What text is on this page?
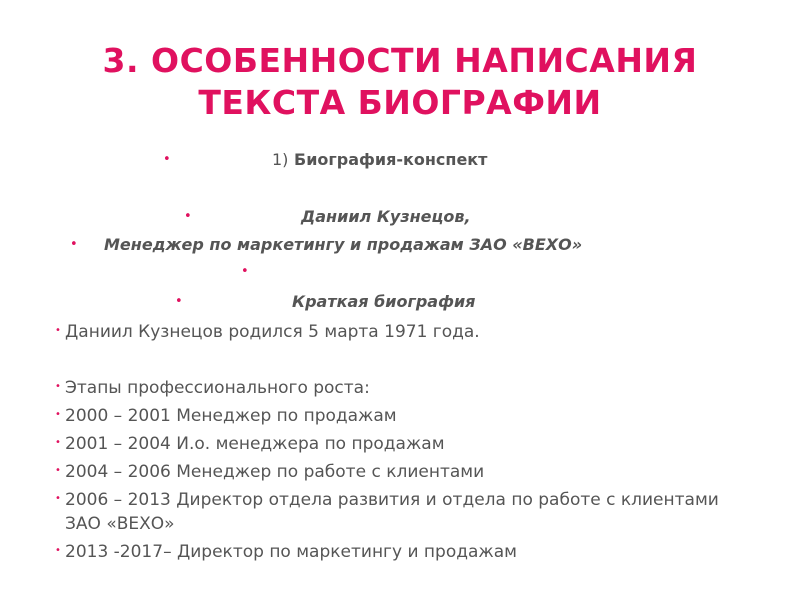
3. ОСОБЕННОСТИ НАПИСАНИЯ
ТЕКСТА БИОГРАФИИ
•	1) Биография-конспект
•	Даниил Кузнецов,
• Менеджер по маркетингу и продажам ЗАО «ВЕХО»
•
•	Краткая биография

• Даниил Кузнецов родился 5 марта 1971 года.

• Этапы профессионального роста:

• 2000 – 2001 Менеджер по продажам

• 2001 – 2004 И.о. менеджера по продажам

• 2004 – 2006 Менеджер по работе с клиентами

• 2006 – 2013 Директор отдела развития и отдела по работе с клиентами ЗАО «ВЕХО»

• 2013 -2017– Директор по маркетингу и продажам
